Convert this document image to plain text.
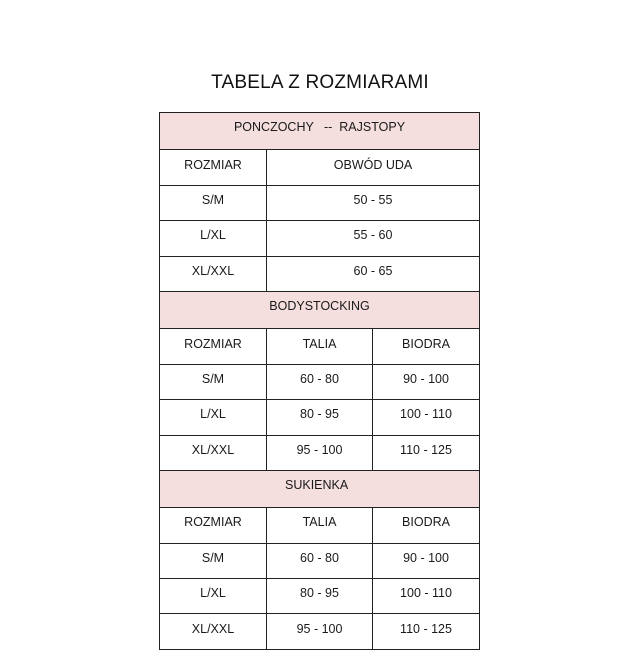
TABELA Z ROZMIARAMI
PONCZOCHY   --  RAJSTOPY		
ROZMIAR	OBWÓD UDA	
S/M	50 - 55	
L/XL	55 - 60	
XL/XXL	60 - 65	
BODYSTOCKING		
ROZMIAR	TALIA	BIODRA
S/M	60 - 80	90 - 100
L/XL	80 - 95	100 - 110
XL/XXL	95 - 100	110 - 125
SUKIENKA		
ROZMIAR	TALIA	BIODRA
S/M	60 - 80	90 - 100
L/XL	80 - 95	100 - 110
XL/XXL	95 - 100	110 - 125
